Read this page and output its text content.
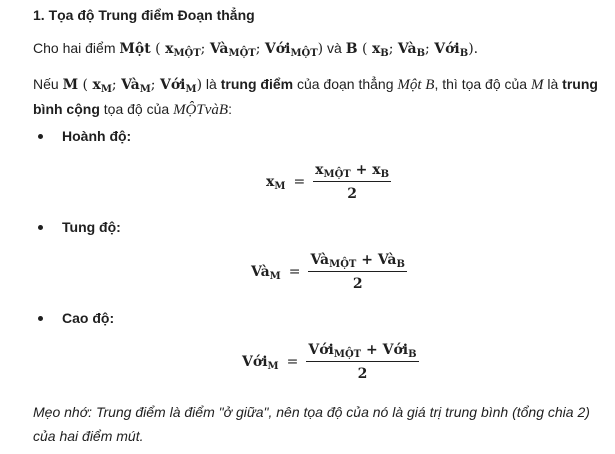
1. Tọa độ Trung điểm Đoạn thẳng
Cho hai điểm Một ( $x_{MỘT}$; $Và_{MỘT}$; Với$_{MỘT}$) và B ( $x_B$; $Và_B$; Với$_B$).
Nếu M ( $x_M$; $Và_M$; Với$_M$) là trung điểm của đoạn thẳng Một B, thì tọa độ của M là trung bình cộng tọa độ của MỘTvàB:
Hoành độ:
$x_M = \frac{x_{MỘT} + x_B}{2}$
Tung độ:
$Và_M = \frac{Và_{MỘT} + Và_B}{2}$
Cao độ:
Với$_M$ = $\frac{Với_{MỘT} + Với_B}{2}$
Mẹo nhớ: Trung điểm là điểm "ở giữa", nên tọa độ của nó là giá trị trung bình (tổng chia 2) của hai điểm mút.
